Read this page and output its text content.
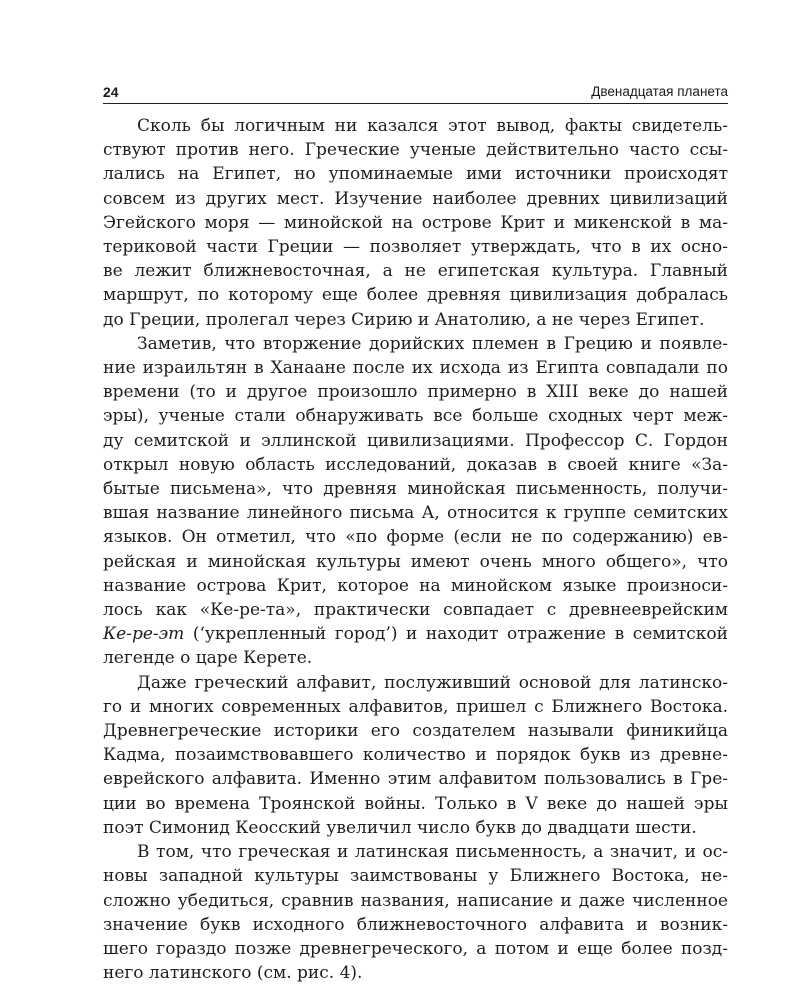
24	Двенадцатая планета
Сколь бы логичным ни казался этот вывод, факты свидетель-
ствуют против него. Греческие ученые действительно часто ссы-
лались на Египет, но упоминаемые ими источники происходят
совсем из других мест. Изучение наиболее древних цивилизаций
Эгейского моря — минойской на острове Крит и микенской в ма-
териковой части Греции — позволяет утверждать, что в их осно-
ве лежит ближневосточная, а не египетская культура. Главный
маршрут, по которому еще более древняя цивилизация добралась
до Греции, пролегал через Сирию и Анатолию, а не через Египет.
Заметив, что вторжение дорийских племен в Грецию и появле-
ние израильтян в Ханаане после их исхода из Египта совпадали по
времени (то и другое произошло примерно в XIII веке до нашей
эры), ученые стали обнаруживать все больше сходных черт меж-
ду семитской и эллинской цивилизациями. Профессор С. Гордон
открыл новую область исследований, доказав в своей книге «За-
бытые письмена», что древняя минойская письменность, получи-
вшая название линейного письма А, относится к группе семитских
языков. Он отметил, что «по форме (если не по содержанию) ев-
рейская и минойская культуры имеют очень много общего», что
название острова Крит, которое на минойском языке произноси-
лось как «Ке-ре-та», практически совпадает с древнееврейским
Ке-ре-эт (‘укрепленный город’) и находит отражение в семитской
легенде о царе Керете.
Даже греческий алфавит, послуживший основой для латинско-
го и многих современных алфавитов, пришел с Ближнего Востока.
Древнегреческие историки его создателем называли финикийца
Кадма, позаимствовавшего количество и порядок букв из древне-
еврейского алфавита. Именно этим алфавитом пользовались в Гре-
ции во времена Троянской войны. Только в V веке до нашей эры
поэт Симонид Кеосский увеличил число букв до двадцати шести.
В том, что греческая и латинская письменность, а значит, и ос-
новы западной культуры заимствованы у Ближнего Востока, не-
сложно убедиться, сравнив названия, написание и даже численное
значение букв исходного ближневосточного алфавита и возник-
шего гораздо позже древнегреческого, а потом и еще более позд-
него латинского (см. рис. 4).
